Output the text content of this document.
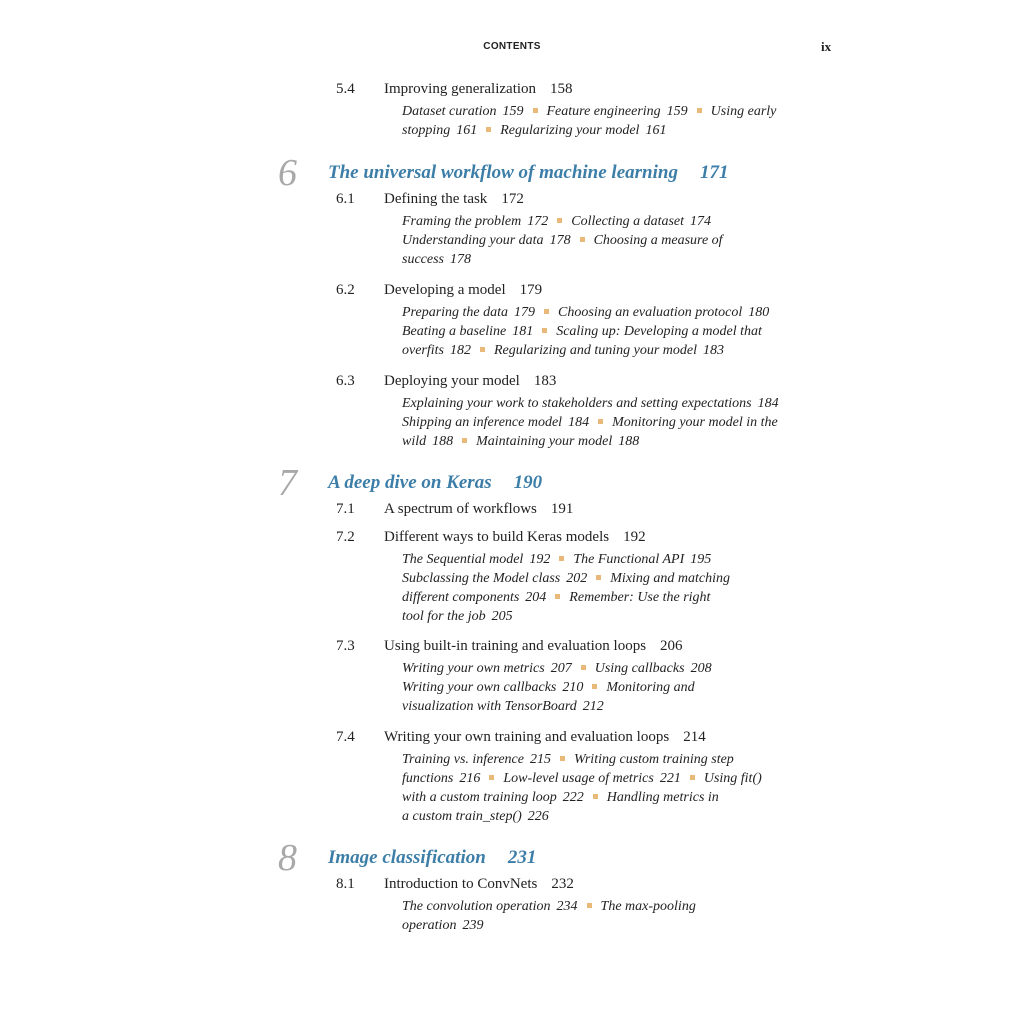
CONTENTS	ix
5.4 Improving generalization 158
Dataset curation 159 Feature engineering 159 Using early
stopping 161 Regularizing your model 161
6 The universal workflow of machine learning 171
6.1 Defining the task 172
Framing the problem 172 Collecting a dataset 174
Understanding your data 178 Choosing a measure of
success 178
6.2 Developing a model 179
Preparing the data 179 Choosing an evaluation protocol 180
Beating a baseline 181 Scaling up: Developing a model that
overfits 182 Regularizing and tuning your model 183
6.3 Deploying your model 183
Explaining your work to stakeholders and setting expectations 184
Shipping an inference model 184 Monitoring your model in the
wild 188 Maintaining your model 188
7 A deep dive on Keras 190
7.1 A spectrum of workflows 191
7.2 Different ways to build Keras models 192
The Sequential model 192 The Functional API 195
Subclassing the Model class 202 Mixing and matching
different components 204 Remember: Use the right
tool for the job 205
7.3 Using built-in training and evaluation loops 206
Writing your own metrics 207 Using callbacks 208
Writing your own callbacks 210 Monitoring and
visualization with TensorBoard 212
7.4 Writing your own training and evaluation loops 214
Training vs. inference 215 Writing custom training step
functions 216 Low-level usage of metrics 221 Using fit()
with a custom training loop 222 Handling metrics in
a custom train_step() 226
8 Image classification 231
8.1 Introduction to ConvNets 232
The convolution operation 234 The max-pooling
operation 239
